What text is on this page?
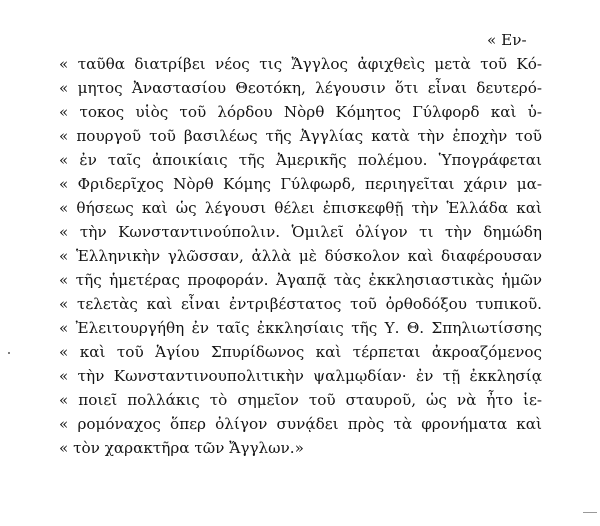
« Εν-
« ταῦθα διατρίβει νέος τις Ἄγγλος ἀφιχθεὶς μετὰ τοῦ Κό-
« μητος Ἀναστασίου Θεοτόκη, λέγουσιν ὅτι εἶναι δευτερό-
« τοκος υἱὸς τοῦ λόρδου Νὸρθ Κόμητος Γύλφορδ καὶ ὑ-
« πουργοῦ τοῦ βασιλέως τῆς Ἀγγλίας κατὰ τὴν ἐποχὴν τοῦ
« ἐν ταῖς ἀποικίαις τῆς Ἀμερικῆς πολέμου. Ὑπογράφεται
« Φριδερῖχος Νὸρθ Κόμης Γύλφωρδ, περιηγεῖται χάριν μα-
« θήσεως καὶ ὡς λέγουσι θέλει ἐπισκεφθῇ τὴν Ἑλλάδα καὶ
« τὴν Κωνσταντινούπολιν. Ὁμιλεῖ ὀλίγον τι τὴν δημώδη
« Ἑλληνικὴν γλῶσσαν, ἀλλὰ μὲ δύσκολον καὶ διαφέρουσαν
« τῆς ἡμετέρας προφοράν. Ἀγαπᾷ τὰς ἐκκλησιαστικὰς ἡμῶν
« τελετὰς καὶ εἶναι ἐντριβέστατος τοῦ ὀρθοδόξου τυπικοῦ.
« Ἐλειτουργήθη ἐν ταῖς ἐκκλησίαις τῆς Υ. Θ. Σπηλιωτίσσης
« καὶ τοῦ Ἁγίου Σπυρίδωνος καὶ τέρπεται ἀκροαζόμενος
« τὴν Κωνσταντινουπολιτικὴν ψαλμῳδίαν· ἐν τῇ ἐκκλησίᾳ
« ποιεῖ πολλάκις τὸ σημεῖον τοῦ σταυροῦ, ὡς νὰ ἦτο ἱε-
« ρομόναχος ὅπερ ὀλίγον συνᾴδει πρὸς τὰ φρονήματα καὶ
« τὸν χαρακτῆρα τῶν Ἄγγλων.»
